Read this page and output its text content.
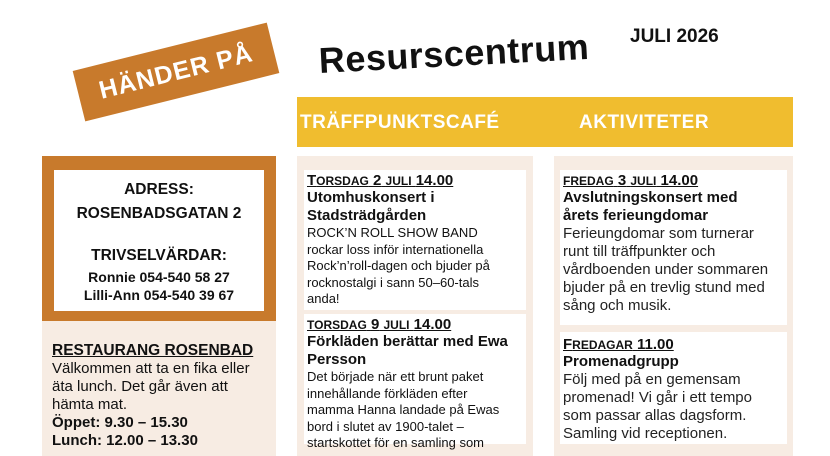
HÄNDER PÅ Resurscentrum JULI 2026
TRÄFFPUNKTSCAFÉ	AKTIVITETER
ADRESS:
ROSENBADSGATAN 2
TRIVSELVÄRDAR:
Ronnie 054-540 58 27
Lilli-Ann 054-540 39 67
RESTAURANG ROSENBAD
Välkommen att ta en fika eller
äta lunch. Det går även att
hämta mat.
Öppet: 9.30 – 15.30
Lunch: 12.00 – 13.30
TORSDAG 2 JULI 14.00
Utomhuskonsert i
Stadsträdgården
ROCK’N ROLL SHOW BAND
rockar loss inför internationella
Rock’n’roll-dagen och bjuder på
rocknostalgi i sann 50–60-tals
anda!
TORSDAG 9 JULI 14.00
Förkläden berättar med Ewa
Persson
Det började när ett brunt paket
innehållande förkläden efter
mamma Hanna landade på Ewas
bord i slutet av 1900-talet –
startskottet för en samling som
FREDAG 3 JULI 14.00
Avslutningskonsert med
årets ferieungdomar
Ferieungdomar som turnerar
runt till träffpunkter och
vårdboenden under sommaren
bjuder på en trevlig stund med
sång och musik.
FREDAGAR 11.00
Promenadgrupp
Följ med på en gemensam
promenad! Vi går i ett tempo
som passar allas dagsform.
Samling vid receptionen.
